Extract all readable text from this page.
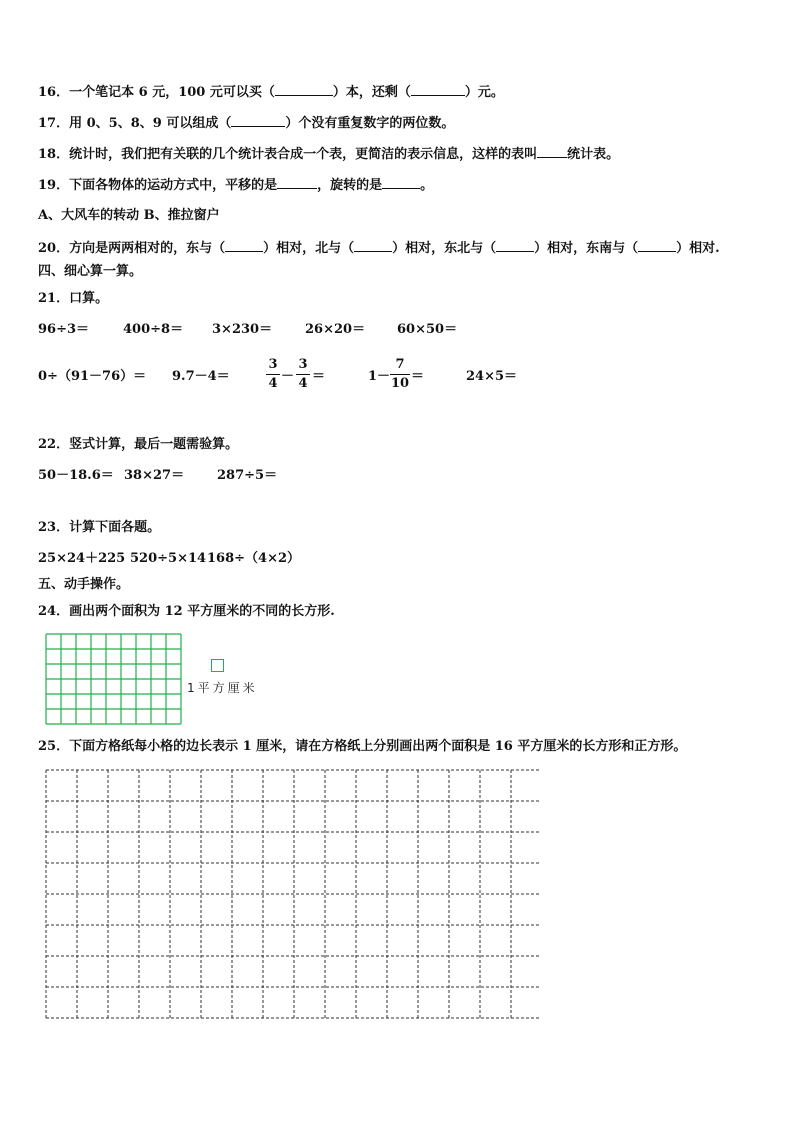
16．一个笔记本 6 元，100 元可以买（	）本，还剩（	）元。
17．用 0、5、8、9 可以组成（	）个没有重复数字的两位数。
18．统计时，我们把有关联的几个统计表合成一个表，更简洁的表示信息，这样的表叫 统计表。
19．下面各物体的运动方式中，平移的是	，旋转的是	。
A、大风车的转动 B、推拉窗户
20．方向是两两相对的，东与（	）相对，北与（	）相对，东北与（	）相对，东南与（	）相对.
四、细心算一算。
21．口算。
96÷3＝	400÷8＝ 3×230＝	26×20＝ 60×50＝
0÷（91－76）＝ 9.7－4＝
3
4 －
3
4 ＝	1－
7
10 ＝	24×5＝
22．竖式计算，最后一题需验算。
50－18.6＝ 38×27＝	287÷5＝
23．计算下面各题。
25×24＋225 520÷5×14 168÷（4×2）
五、动手操作。
24．画出两个面积为 12 平方厘米的不同的长方形.
1平方厘米
25．下面方格纸每小格的边长表示 1 厘米，请在方格纸上分别画出两个面积是 16 平方厘米的长方形和正方形。
